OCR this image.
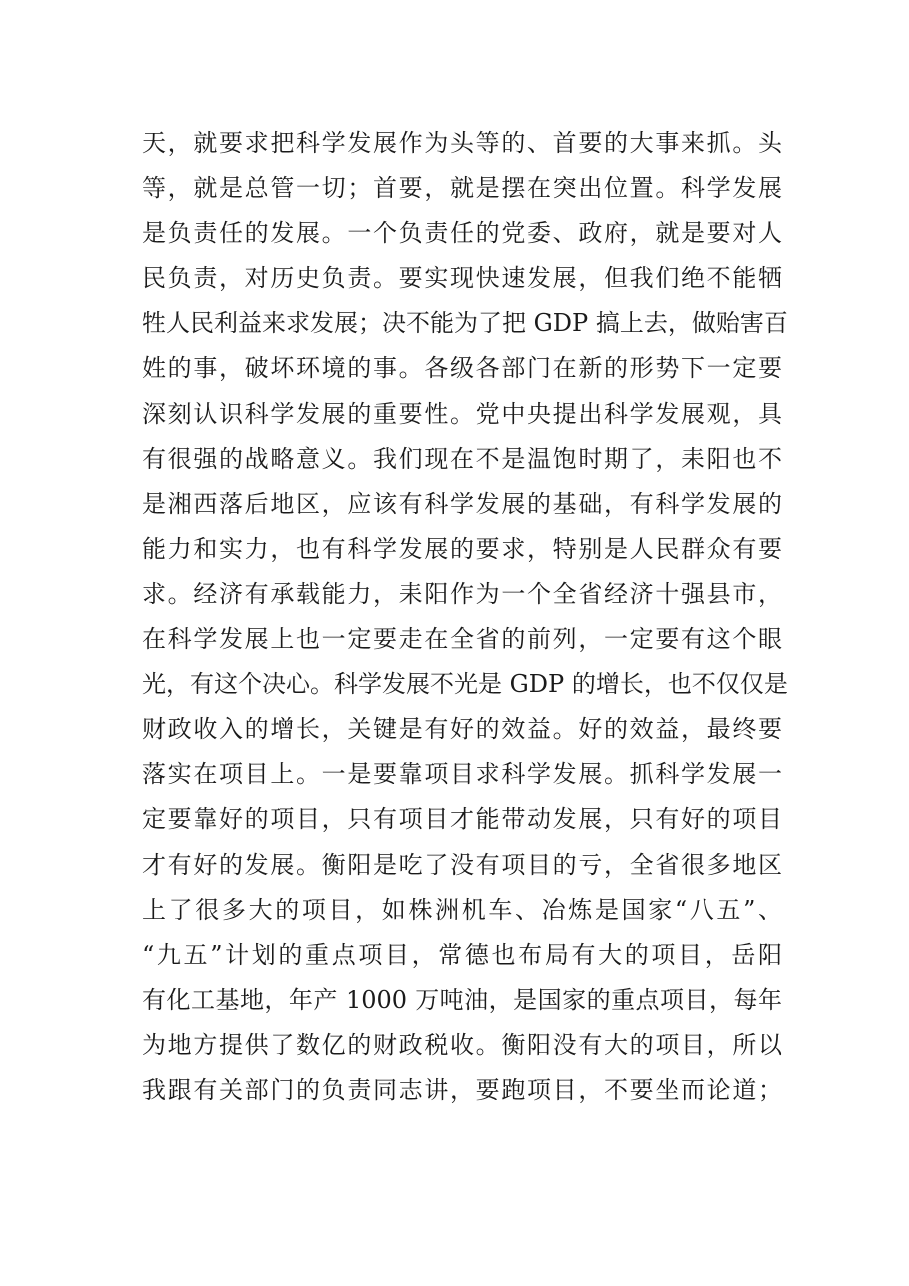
天，就要求把科学发展作为头等的、首要的大事来抓。头
等，就是总管一切；首要，就是摆在突出位置。科学发展
是负责任的发展。一个负责任的党委、政府，就是要对人
民负责，对历史负责。要实现快速发展，但我们绝不能牺
牲人民利益来求发展；决不能为了把 GDP 搞上去，做贻害百
姓的事，破坏环境的事。各级各部门在新的形势下一定要
深刻认识科学发展的重要性。党中央提出科学发展观，具
有很强的战略意义。我们现在不是温饱时期了，耒阳也不
是湘西落后地区，应该有科学发展的基础，有科学发展的
能力和实力，也有科学发展的要求，特别是人民群众有要
求。经济有承载能力，耒阳作为一个全省经济十强县市，
在科学发展上也一定要走在全省的前列，一定要有这个眼
光，有这个决心。科学发展不光是 GDP 的增长，也不仅仅是
财政收入的增长，关键是有好的效益。好的效益，最终要
落实在项目上。一是要靠项目求科学发展。抓科学发展一
定要靠好的项目，只有项目才能带动发展，只有好的项目
才有好的发展。衡阳是吃了没有项目的亏，全省很多地区
上了很多大的项目，如株洲机车、冶炼是国家“八五”、
“九五”计划的重点项目，常德也布局有大的项目，岳阳
有化工基地，年产 1000 万吨油，是国家的重点项目，每年
为地方提供了数亿的财政税收。衡阳没有大的项目，所以
我跟有关部门的负责同志讲，要跑项目，不要坐而论道；
